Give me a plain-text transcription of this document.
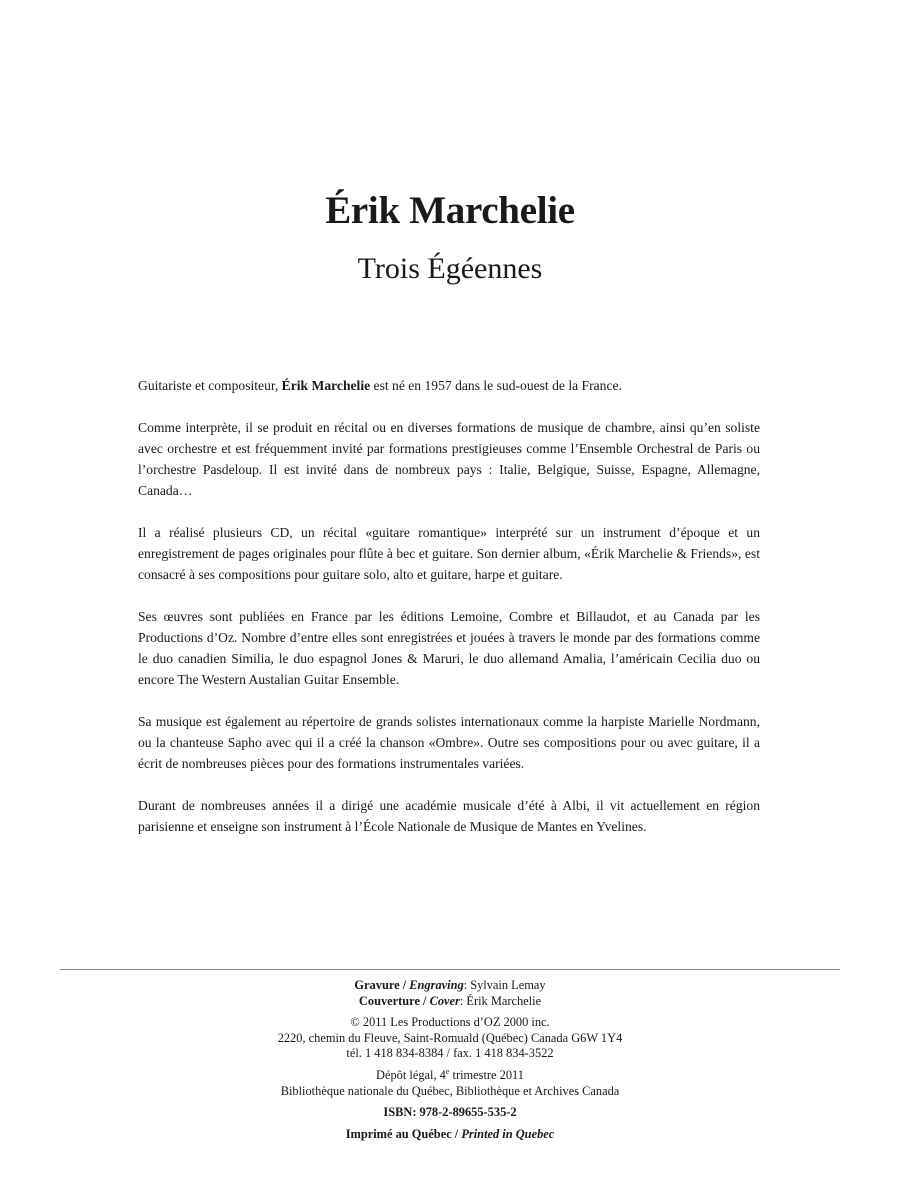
Érik Marchelie
Trois Égéennes

Guitariste et compositeur, Érik Marchelie est né en 1957 dans le sud-ouest de la France.

Comme interprète, il se produit en récital ou en diverses formations de musique de chambre, ainsi qu’en soliste avec orchestre et est fréquemment invité par formations prestigieuses comme l’Ensemble Orchestral de Paris ou l’orchestre Pasdeloup. Il est invité dans de nombreux pays : Italie, Belgique, Suisse, Espagne, Allemagne, Canada…

Il a réalisé plusieurs CD, un récital «guitare romantique» interprété sur un instrument d’époque et un enregistrement de pages originales pour flûte à bec et guitare. Son dernier album, «Érik Marchelie & Friends», est consacré à ses compositions pour guitare solo, alto et guitare, harpe et guitare.

Ses œuvres sont publiées en France par les éditions Lemoine, Combre et Billaudot, et au Canada par les Productions d’Oz. Nombre d’entre elles sont enregistrées et jouées à travers le monde par des formations comme le duo canadien Similia, le duo espagnol Jones & Maruri, le duo allemand Amalia, l’américain Cecilia duo ou encore The Western Austalian Guitar Ensemble.

Sa musique est également au répertoire de grands solistes internationaux comme la harpiste Marielle Nordmann, ou la chanteuse Sapho avec qui il a créé la chanson «Ombre». Outre ses compositions pour ou avec guitare, il a écrit de nombreuses pièces pour des formations instrumentales variées.

Durant de nombreuses années il a dirigé une académie musicale d’été à Albi, il vit actuellement en région parisienne et enseigne son instrument à l’École Nationale de Musique de Mantes en Yvelines.

Gravure / Engraving: Sylvain Lemay
Couverture / Cover: Érik Marchelie
© 2011 Les Productions d’OZ 2000 inc.
2220, chemin du Fleuve, Saint-Romuald (Québec) Canada G6W 1Y4
tél. 1 418 834-8384 / fax. 1 418 834-3522
Dépôt légal, 4e trimestre 2011
Bibliothèque nationale du Québec, Bibliothèque et Archives Canada
ISBN: 978-2-89655-535-2
Imprimé au Québec / Printed in Quebec
